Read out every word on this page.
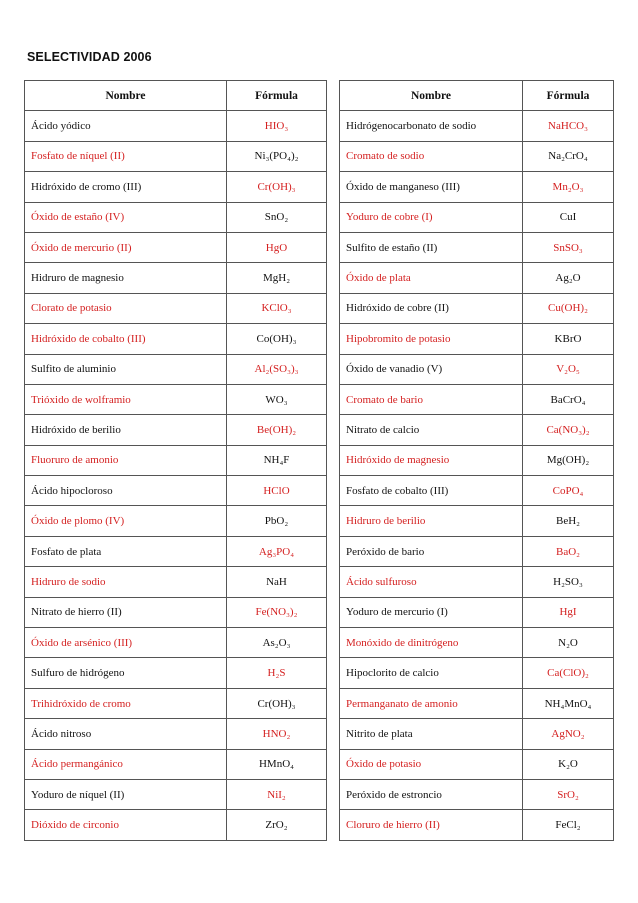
SELECTIVIDAD 2006
Nombre	Fórmula
Ácido yódico	HIO₃
Fosfato de níquel (II)	Ni₃(PO₄)₂
Hidróxido de cromo (III)	Cr(OH)₃
Óxido de estaño (IV)	SnO₂
Óxido de mercurio (II)	HgO
Hidruro de magnesio	MgH₂
Clorato de potasio	KClO₃
Hidróxido de cobalto (III)	Co(OH)₃
Sulfito de aluminio	Al₂(SO₃)₃
Trióxido de wolframio	WO₃
Hidróxido de berilio	Be(OH)₂
Fluoruro de amonio	NH₄F
Ácido hipocloroso	HClO
Óxido de plomo (IV)	PbO₂
Fosfato de plata	Ag₃PO₄
Hidruro de sodio	NaH
Nitrato de hierro (II)	Fe(NO₃)₂
Óxido de arsénico (III)	As₂O₃
Sulfuro de hidrógeno	H₂S
Trihidróxido de cromo	Cr(OH)₃
Ácido nitroso	HNO₂
Ácido permangánico	HMnO₄
Yoduro de níquel (II)	NiI₂
Dióxido de circonio	ZrO₂
Nombre	Fórmula
Hidrógenocarbonato de sodio	NaHCO₃
Cromato de sodio	Na₂CrO₄
Óxido de manganeso (III)	Mn₂O₃
Yoduro de cobre (I)	CuI
Sulfito de estaño (II)	SnSO₃
Óxido de plata	Ag₂O
Hidróxido de cobre (II)	Cu(OH)₂
Hipobromito de potasio	KBrO
Óxido de vanadio (V)	V₂O₅
Cromato de bario	BaCrO₄
Nitrato de calcio	Ca(NO₃)₂
Hidróxido de magnesio	Mg(OH)₂
Fosfato de cobalto (III)	CoPO₄
Hidruro de berilio	BeH₂
Peróxido de bario	BaO₂
Ácido sulfuroso	H₂SO₃
Yoduro de mercurio (I)	HgI
Monóxido de dinitrógeno	N₂O
Hipoclorito de calcio	Ca(ClO)₂
Permanganato de amonio	NH₄MnO₄
Nitrito de plata	AgNO₂
Óxido de potasio	K₂O
Peróxido de estroncio	SrO₂
Cloruro de hierro (II)	FeCl₂
